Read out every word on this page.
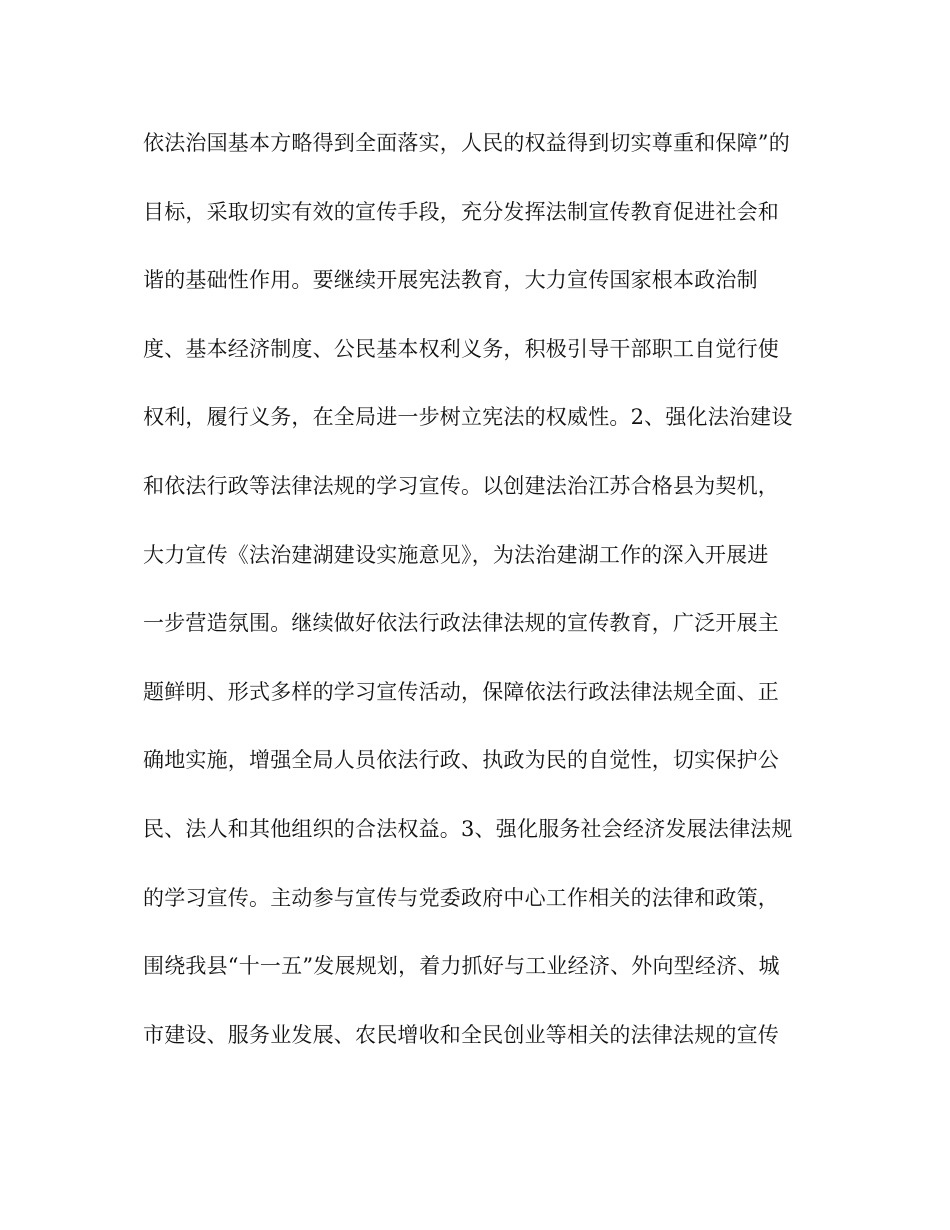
依法治国基本方略得到全面落实，人民的权益得到切实尊重和保障”的
目标，采取切实有效的宣传手段，充分发挥法制宣传教育促进社会和
谐的基础性作用。要继续开展宪法教育，大力宣传国家根本政治制
度、基本经济制度、公民基本权利义务，积极引导干部职工自觉行使
权利，履行义务，在全局进一步树立宪法的权威性。2、强化法治建设
和依法行政等法律法规的学习宣传。以创建法治江苏合格县为契机，
大力宣传《法治建湖建设实施意见》，为法治建湖工作的深入开展进
一步营造氛围。继续做好依法行政法律法规的宣传教育，广泛开展主
题鲜明、形式多样的学习宣传活动，保障依法行政法律法规全面、正
确地实施，增强全局人员依法行政、执政为民的自觉性，切实保护公
民、法人和其他组织的合法权益。3、强化服务社会经济发展法律法规
的学习宣传。主动参与宣传与党委政府中心工作相关的法律和政策，
围绕我县“十一五”发展规划，着力抓好与工业经济、外向型经济、城
市建设、服务业发展、农民增收和全民创业等相关的法律法规的宣传
